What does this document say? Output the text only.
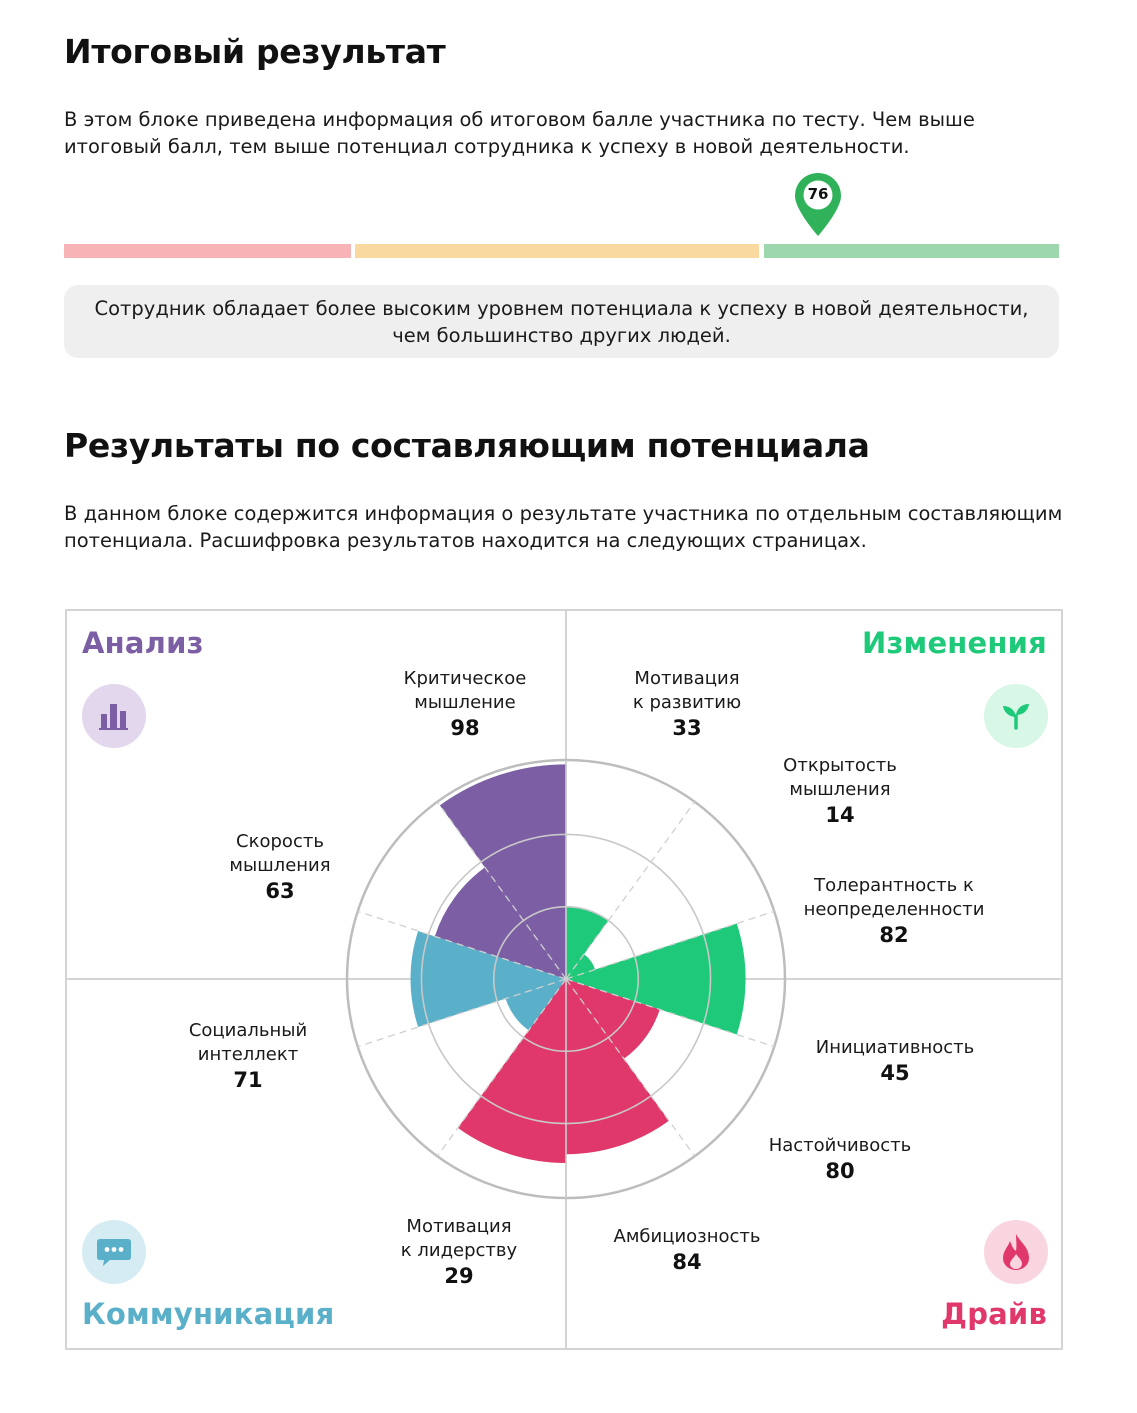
Итоговый результат

В этом блоке приведена информация об итоговом балле участника по тесту. Чем выше итоговый балл, тем выше потенциал сотрудника к успеху в новой деятельности.

76
Сотрудник обладает более высоким уровнем потенциала к успеху в новой деятельности, чем большинство других людей.
Результаты по составляющим потенциала

В данном блоке содержится информация о результате участника по отдельным составляющим потенциала. Расшифровка результатов находится на следующих страницах.

Анализ	Изменения
Коммуникация	Драйв
Критическое
мышление
98
Мотивация
к развитию
33
Открытость
мышления
14
Толерантность к
неопределенности
82
Скорость
мышления
63
Социальный
интеллект
71
Инициативность
45
Настойчивость
80
Амбициозность
84
Мотивация
к лидерству
29
